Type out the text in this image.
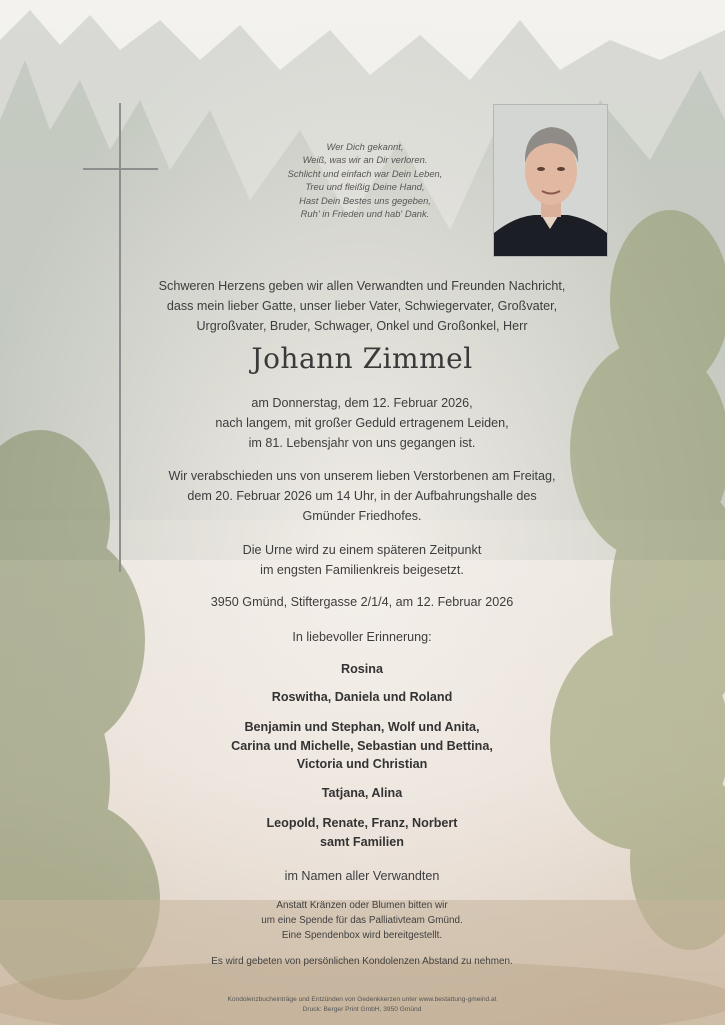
Wer Dich gekannt,
Weiß, was wir an Dir verloren.
Schlicht und einfach war Dein Leben,
Treu und fleißig Deine Hand,
Hast Dein Bestes uns gegeben,
Ruh' in Frieden und hab' Dank.
Schweren Herzens geben wir allen Verwandten und Freunden Nachricht,
dass mein lieber Gatte, unser lieber Vater, Schwiegervater, Großvater,
Urgroßvater, Bruder, Schwager, Onkel und Großonkel, Herr
Johann Zimmel
am Donnerstag, dem 12. Februar 2026,
nach langem, mit großer Geduld ertragenem Leiden,
im 81. Lebensjahr von uns gegangen ist.
Wir verabschieden uns von unserem lieben Verstorbenen am Freitag,
dem 20. Februar 2026 um 14 Uhr, in der Aufbahrungshalle des
Gmünder Friedhofes.
Die Urne wird zu einem späteren Zeitpunkt
im engsten Familienkreis beigesetzt.
3950 Gmünd, Stiftergasse 2/1/4, am 12. Februar 2026
In liebevoller Erinnerung:
Rosina
Roswitha, Daniela und Roland
Benjamin und Stephan, Wolf und Anita,
Carina und Michelle, Sebastian und Bettina,
Victoria und Christian
Tatjana, Alina
Leopold, Renate, Franz, Norbert
samt Familien
im Namen aller Verwandten
Anstatt Kränzen oder Blumen bitten wir
um eine Spende für das Palliativteam Gmünd.
Eine Spendenbox wird bereitgestellt.
Es wird gebeten von persönlichen Kondolenzen Abstand zu nehmen.
Kondolenzbucheinträge und Entzünden von Gedenkkerzen unter www.bestattung-gmeind.at
Druck: Berger Print GmbH, 3950 Gmünd
